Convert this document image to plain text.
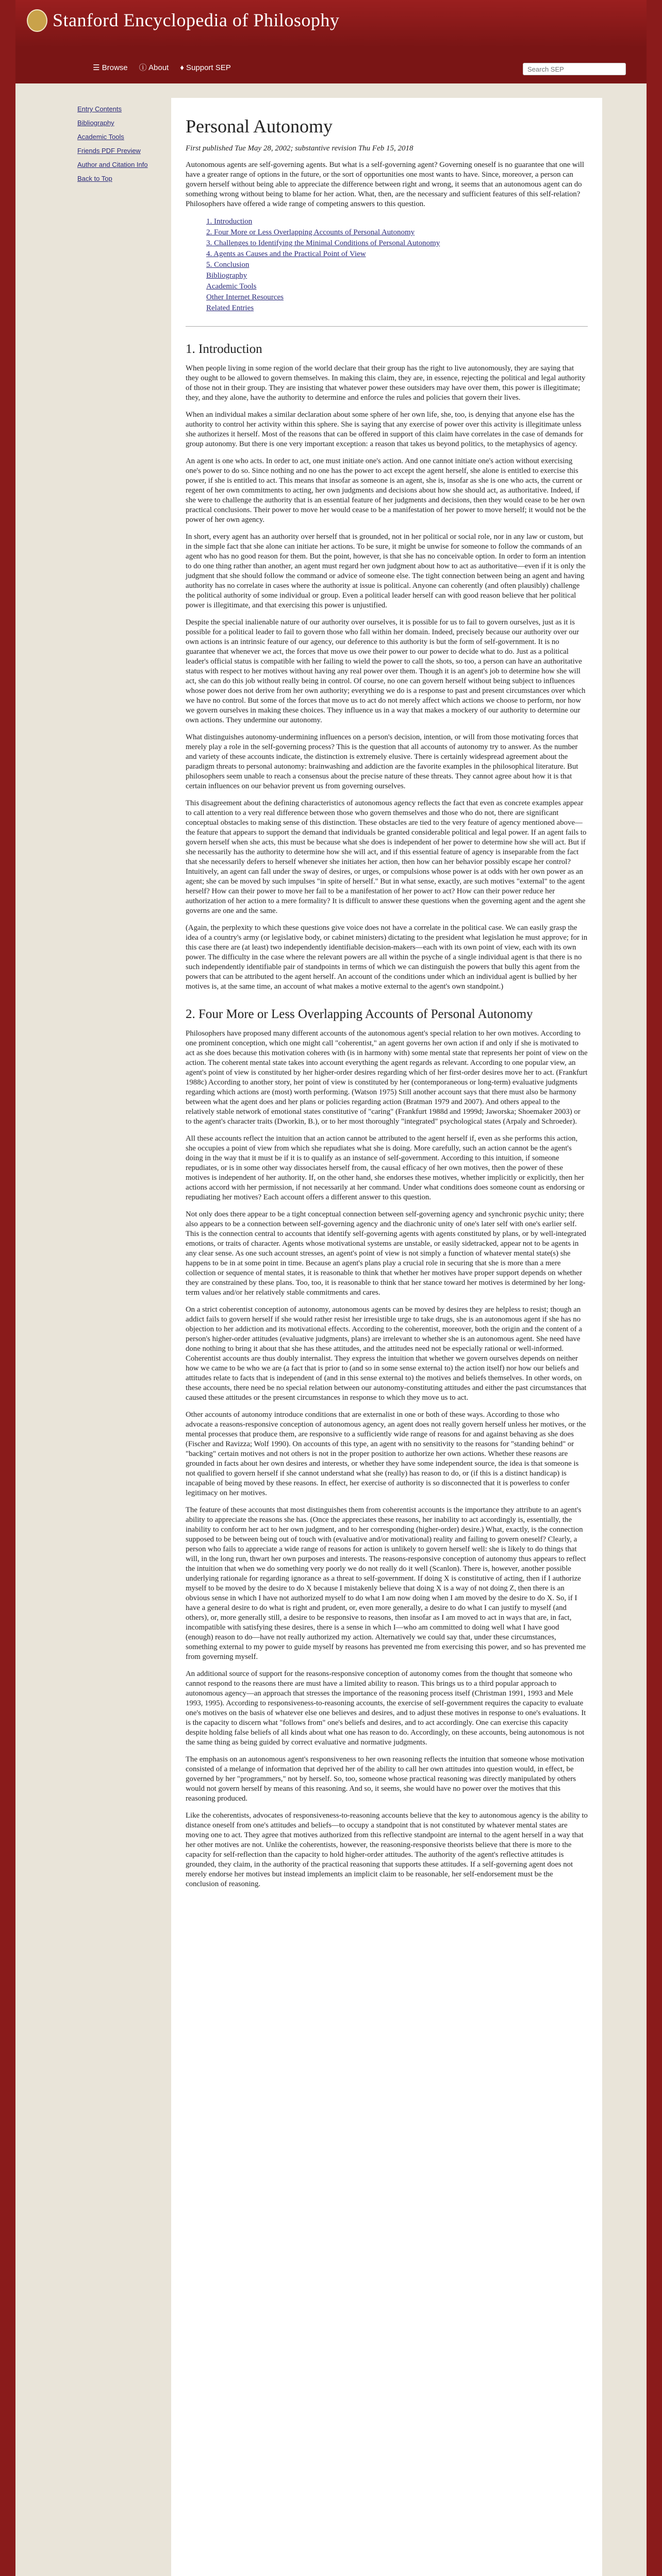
Stanford Encyclopedia of Philosophy
☰ Browse ⓘ About ♦ Support SEP
Search SEP
Entry Contents
Bibliography
Academic Tools
Friends PDF Preview
Author and Citation Info
Back to Top
Personal Autonomy
First published Tue May 28, 2002; substantive revision Thu Feb 15, 2018

Autonomous agents are self-governing agents. But what is a self-governing agent? Governing oneself is no guarantee that one will have a greater range of options in the future, or the sort of opportunities one most wants to have. Since, moreover, a person can govern herself without being able to appreciate the difference between right and wrong, it seems that an autonomous agent can do something wrong without being to blame for her action. What, then, are the necessary and sufficient features of this self-relation? Philosophers have offered a wide range of competing answers to this question.

1. Introduction
2. Four More or Less Overlapping Accounts of Personal Autonomy
3. Challenges to Identifying the Minimal Conditions of Personal Autonomy
4. Agents as Causes and the Practical Point of View
5. Conclusion
Bibliography
Academic Tools
Other Internet Resources
Related Entries
1. Introduction

When people living in some region of the world declare that their group has the right to live autonomously, they are saying that they ought to be allowed to govern themselves. In making this claim, they are, in essence, rejecting the political and legal authority of those not in their group. They are insisting that whatever power these outsiders may have over them, this power is illegitimate; they, and they alone, have the authority to determine and enforce the rules and policies that govern their lives.

When an individual makes a similar declaration about some sphere of her own life, she, too, is denying that anyone else has the authority to control her activity within this sphere. She is saying that any exercise of power over this activity is illegitimate unless she authorizes it herself. Most of the reasons that can be offered in support of this claim have correlates in the case of demands for group autonomy. But there is one very important exception: a reason that takes us beyond politics, to the metaphysics of agency.

An agent is one who acts. In order to act, one must initiate one's action. And one cannot initiate one's action without exercising one's power to do so. Since nothing and no one has the power to act except the agent herself, she alone is entitled to exercise this power, if she is entitled to act. This means that insofar as someone is an agent, she is, insofar as she is one who acts, the current or regent of her own commitments to acting, her own judgments and decisions about how she should act, as authoritative. Indeed, if she were to challenge the authority that is an essential feature of her judgments and decisions, then they would cease to be her own practical conclusions. Their power to move her would cease to be a manifestation of her power to move herself; it would not be the power of her own agency.

In short, every agent has an authority over herself that is grounded, not in her political or social role, nor in any law or custom, but in the simple fact that she alone can initiate her actions. To be sure, it might be unwise for someone to follow the commands of an agent who has no good reason for them. But the point, however, is that she has no conceivable option. In order to form an intention to do one thing rather than another, an agent must regard her own judgment about how to act as authoritative—even if it is only the judgment that she should follow the command or advice of someone else. The tight connection between being an agent and having authority has no correlate in cases where the authority at issue is political. Anyone can coherently (and often plausibly) challenge the political authority of some individual or group. Even a political leader herself can with good reason believe that her political power is illegitimate, and that exercising this power is unjustified.

Despite the special inalienable nature of our authority over ourselves, it is possible for us to fail to govern ourselves, just as it is possible for a political leader to fail to govern those who fall within her domain. Indeed, precisely because our authority over our own actions is an intrinsic feature of our agency, our deference to this authority is but the form of self-government. It is no guarantee that whenever we act, the forces that move us owe their power to our power to decide what to do. Just as a political leader's official status is compatible with her failing to wield the power to call the shots, so too, a person can have an authoritative status with respect to her motives without having any real power over them. Though it is an agent's job to determine how she will act, she can do this job without really being in control. Of course, no one can govern herself without being subject to influences whose power does not derive from her own authority; everything we do is a response to past and present circumstances over which we have no control. But some of the forces that move us to act do not merely affect which actions we choose to perform, nor how we govern ourselves in making these choices. They influence us in a way that makes a mockery of our authority to determine our own actions. They undermine our autonomy.

What distinguishes autonomy-undermining influences on a person's decision, intention, or will from those motivating forces that merely play a role in the self-governing process? This is the question that all accounts of autonomy try to answer. As the number and variety of these accounts indicate, the distinction is extremely elusive. There is certainly widespread agreement about the paradigm threats to personal autonomy: brainwashing and addiction are the favorite examples in the philosophical literature. But philosophers seem unable to reach a consensus about the precise nature of these threats. They cannot agree about how it is that certain influences on our behavior prevent us from governing ourselves.

This disagreement about the defining characteristics of autonomous agency reflects the fact that even as concrete examples appear to call attention to a very real difference between those who govern themselves and those who do not, there are significant conceptual obstacles to making sense of this distinction. These obstacles are tied to the very feature of agency mentioned above—the feature that appears to support the demand that individuals be granted considerable political and legal power. If an agent fails to govern herself when she acts, this must be because what she does is independent of her power to determine how she will act. But if she necessarily has the authority to determine how she will act, and if this essential feature of agency is inseparable from the fact that she necessarily defers to herself whenever she initiates her action, then how can her behavior possibly escape her control? Intuitively, an agent can fall under the sway of desires, or urges, or compulsions whose power is at odds with her own power as an agent; she can be moved by such impulses "in spite of herself." But in what sense, exactly, are such motives "external" to the agent herself? How can their power to move her fail to be a manifestation of her power to act? How can their power reduce her authorization of her action to a mere formality? It is difficult to answer these questions when the governing agent and the agent she governs are one and the same.

(Again, the perplexity to which these questions give voice does not have a correlate in the political case. We can easily grasp the idea of a country's army (or legislative body, or cabinet ministers) dictating to the president what legislation he must approve; for in this case there are (at least) two independently identifiable decision-makers—each with its own point of view, each with its own power. The difficulty in the case where the relevant powers are all within the psyche of a single individual agent is that there is no such independently identifiable pair of standpoints in terms of which we can distinguish the powers that bully this agent from the powers that can be attributed to the agent herself. An account of the conditions under which an individual agent is bullied by her motives is, at the same time, an account of what makes a motive external to the agent's own standpoint.)

2. Four More or Less Overlapping Accounts of Personal Autonomy

Philosophers have proposed many different accounts of the autonomous agent's special relation to her own motives. According to one prominent conception, which one might call "coherentist," an agent governs her own action if and only if she is motivated to act as she does because this motivation coheres with (is in harmony with) some mental state that represents her point of view on the action. The coherent mental state takes into account everything the agent regards as relevant. According to one popular view, an agent's point of view is constituted by her higher-order desires regarding which of her first-order desires move her to act. (Frankfurt 1988c) According to another story, her point of view is constituted by her (contemporaneous or long-term) evaluative judgments regarding which actions are (most) worth performing. (Watson 1975) Still another account says that there must also be harmony between what the agent does and her plans or policies regarding action (Bratman 1979 and 2007). And others appeal to the relatively stable network of emotional states constitutive of "caring" (Frankfurt 1988d and 1999d; Jaworska; Shoemaker 2003) or to the agent's character traits (Dworkin, B.), or to her most thoroughly "integrated" psychological states (Arpaly and Schroeder).

All these accounts reflect the intuition that an action cannot be attributed to the agent herself if, even as she performs this action, she occupies a point of view from which she repudiates what she is doing. More carefully, such an action cannot be the agent's doing in the way that it must be if it is to qualify as an instance of self-government. According to this intuition, if someone repudiates, or is in some other way dissociates herself from, the causal efficacy of her own motives, then the power of these motives is independent of her authority. If, on the other hand, she endorses these motives, whether implicitly or explicitly, then her actions accord with her permission, if not necessarily at her command. Under what conditions does someone count as endorsing or repudiating her motives? Each account offers a different answer to this question.

Not only does there appear to be a tight conceptual connection between self-governing agency and synchronic psychic unity; there also appears to be a connection between self-governing agency and the diachronic unity of one's later self with one's earlier self. This is the connection central to accounts that identify self-governing agents with agents constituted by plans, or by well-integrated emotions, or traits of character. Agents whose motivational systems are unstable, or easily sidetracked, appear not to be agents in any clear sense. As one such account stresses, an agent's point of view is not simply a function of whatever mental state(s) she happens to be in at some point in time. Because an agent's plans play a crucial role in securing that she is more than a mere collection or sequence of mental states, it is reasonable to think that whether her motives have proper support depends on whether they are constrained by these plans. Too, too, it is reasonable to think that her stance toward her motives is determined by her long-term values and/or her relatively stable commitments and cares.

On a strict coherentist conception of autonomy, autonomous agents can be moved by desires they are helpless to resist; though an addict fails to govern herself if she would rather resist her irresistible urge to take drugs, she is an autonomous agent if she has no objection to her addiction and its motivational effects. According to the coherentist, moreover, both the origin and the content of a person's higher-order attitudes (evaluative judgments, plans) are irrelevant to whether she is an autonomous agent. She need have done nothing to bring it about that she has these attitudes, and the attitudes need not be especially rational or well-informed. Coherentist accounts are thus doubly internalist. They express the intuition that whether we govern ourselves depends on neither how we came to be who we are (a fact that is prior to (and so in some sense external to) the action itself) nor how our beliefs and attitudes relate to facts that is independent of (and in this sense external to) the motives and beliefs themselves. In other words, on these accounts, there need be no special relation between our autonomy-constituting attitudes and either the past circumstances that caused these attitudes or the present circumstances in response to which they move us to act.

Other accounts of autonomy introduce conditions that are externalist in one or both of these ways. According to those who advocate a reasons-responsive conception of autonomous agency, an agent does not really govern herself unless her motives, or the mental processes that produce them, are responsive to a sufficiently wide range of reasons for and against behaving as she does (Fischer and Ravizza; Wolf 1990). On accounts of this type, an agent with no sensitivity to the reasons for "standing behind" or "backing" certain motives and not others is not in the proper position to authorize her own actions. Whether these reasons are grounded in facts about her own desires and interests, or whether they have some independent source, the idea is that someone is not qualified to govern herself if she cannot understand what she (really) has reason to do, or (if this is a distinct handicap) is incapable of being moved by these reasons. In effect, her exercise of authority is so disconnected that it is powerless to confer legitimacy on her motives.

The feature of these accounts that most distinguishes them from coherentist accounts is the importance they attribute to an agent's ability to appreciate the reasons she has. (Once the appreciates these reasons, her inability to act accordingly is, essentially, the inability to conform her act to her own judgment, and to her corresponding (higher-order) desire.) What, exactly, is the connection supposed to be between being out of touch with (evaluative and/or motivational) reality and failing to govern oneself? Clearly, a person who fails to appreciate a wide range of reasons for action is unlikely to govern herself well: she is likely to do things that will, in the long run, thwart her own purposes and interests. The reasons-responsive conception of autonomy thus appears to reflect the intuition that when we do something very poorly we do not really do it well (Scanlon). There is, however, another possible underlying rationale for regarding ignorance as a threat to self-government. If doing X is constitutive of acting, then if I authorize myself to be moved by the desire to do X because I mistakenly believe that doing X is a way of not doing Z, then there is an obvious sense in which I have not authorized myself to do what I am now doing when I am moved by the desire to do X. So, if I have a general desire to do what is right and prudent, or, even more generally, a desire to do what I can justify to myself (and others), or, more generally still, a desire to be responsive to reasons, then insofar as I am moved to act in ways that are, in fact, incompatible with satisfying these desires, there is a sense in which I—who am committed to doing well what I have good (enough) reason to do—have not really authorized my action. Alternatively we could say that, under these circumstances, something external to my power to guide myself by reasons has prevented me from exercising this power, and so has prevented me from governing myself.

An additional source of support for the reasons-responsive conception of autonomy comes from the thought that someone who cannot respond to the reasons there are must have a limited ability to reason. This brings us to a third popular approach to autonomous agency—an approach that stresses the importance of the reasoning process itself (Christman 1991, 1993 and Mele 1993, 1995). According to responsiveness-to-reasoning accounts, the exercise of self-government requires the capacity to evaluate one's motives on the basis of whatever else one believes and desires, and to adjust these motives in response to one's evaluations. It is the capacity to discern what "follows from" one's beliefs and desires, and to act accordingly. One can exercise this capacity despite holding false beliefs of all kinds about what one has reason to do. Accordingly, on these accounts, being autonomous is not the same thing as being guided by correct evaluative and normative judgments.

The emphasis on an autonomous agent's responsiveness to her own reasoning reflects the intuition that someone whose motivation consisted of a melange of information that deprived her of the ability to call her own attitudes into question would, in effect, be governed by her "programmers," not by herself. So, too, someone whose practical reasoning was directly manipulated by others would not govern herself by means of this reasoning. And so, it seems, she would have no power over the motives that this reasoning produced.

Like the coherentists, advocates of responsiveness-to-reasoning accounts believe that the key to autonomous agency is the ability to distance oneself from one's attitudes and beliefs—to occupy a standpoint that is not constituted by whatever mental states are moving one to act. They agree that motives authorized from this reflective standpoint are internal to the agent herself in a way that her other motives are not. Unlike the coherentists, however, the reasoning-responsive theorists believe that there is more to the capacity for self-reflection than the capacity to hold higher-order attitudes. The authority of the agent's reflective attitudes is grounded, they claim, in the authority of the practical reasoning that supports these attitudes. If a self-governing agent does not merely endorse her motives but instead implements an implicit claim to be reasonable, her self-endorsement must be the conclusion of reasoning.
